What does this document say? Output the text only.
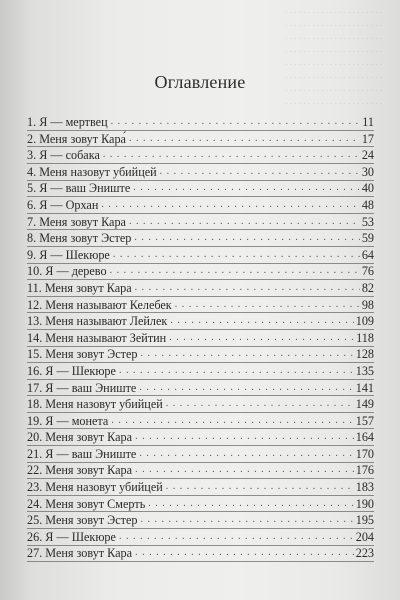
. . . . . . . . . . . . . . . . . . . . . .
. . . . . . . . . . . . . . . . . . . . . .
. . . . . . . . . . . . . . . . . . . . . .
. . . . . . . . . . . . . . . . . . . . . .
. . . . . . . . . . . . . . . . . . . . . .
. . . . . . . . . . . . . . . . . . . . . .
. . . . . . . . . . . . . . . . . . . . . .
. . . . . . . . . . . . . . . . . . . . . .
Оглавление
1. Я — мертвец . . .	11
2. Меня зовут Кара́ . . .	17
3. Я — собака . . .	24
4. Меня назовут убийцей . . .	30
5. Я — ваш Эниште . . .	40
6. Я — Орхан . . .	48
7. Меня зовут Кара . . .	53
8. Меня зовут Эстер . . .	59
9. Я — Шекюре . . .	64
10. Я — дерево . . .	76
11. Меня зовут Кара . . .	82
12. Меня называют Келебек . . .	98
13. Меня называют Лейлек . . .	109
14. Меня называют Зейтин . . .	118
15. Меня зовут Эстер . . .	128
16. Я — Шекюре . . .	135
17. Я — ваш Эниште . . .	141
18. Меня назовут убийцей . . .	149
19. Я — монета . . .	157
20. Меня зовут Кара . . .	164
21. Я — ваш Эниште . . .	170
22. Меня зовут Кара . . .	176
23. Меня назовут убийцей . . .	183
24. Меня зовут Смерть . . .	190
25. Меня зовут Эстер . . .	195
26. Я — Шекюре . . .	204
27. Меня зовут Кара . . .	223
